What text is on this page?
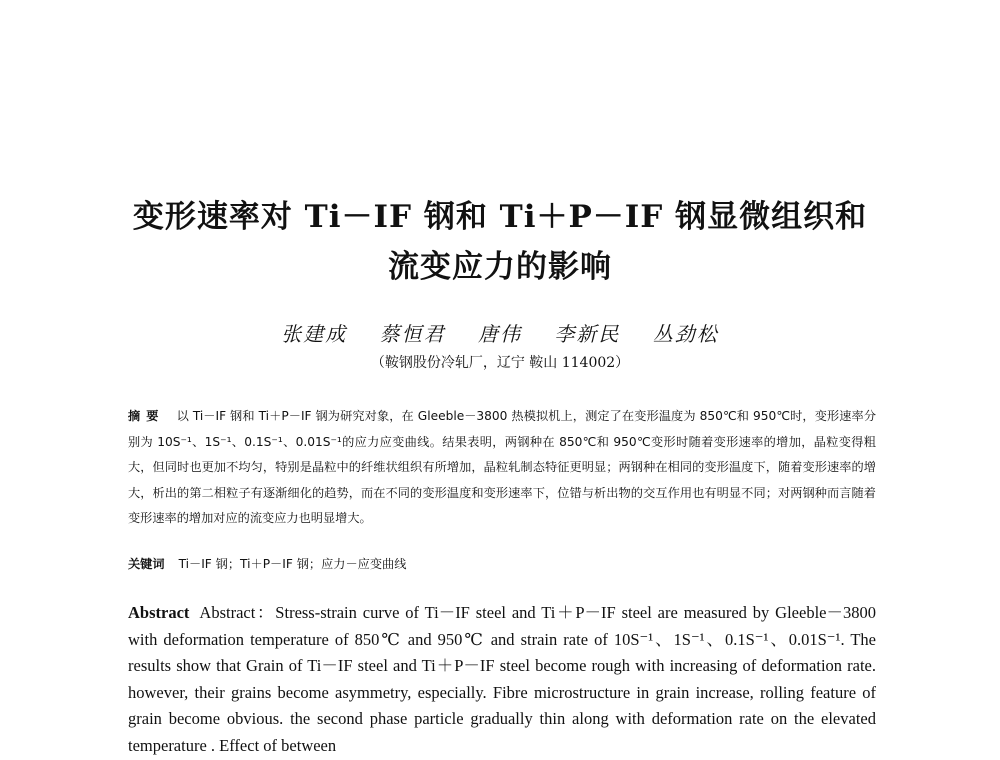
变形速率对 Ti－IF 钢和 Ti＋P－IF 钢显微组织和
流变应力的影响
张建成 蔡恒君 唐伟 李新民 丛劲松
（鞍钢股份冷轧厂，辽宁 鞍山 114002）

摘要 以 Ti－IF 钢和 Ti＋P－IF 钢为研究对象，在 Gleeble－3800 热模拟机上，测定了在变形温度为 850℃和 950℃时，变形速率分别为 10S⁻¹、1S⁻¹、0.1S⁻¹、0.01S⁻¹的应力应变曲线。结果表明，两钢种在 850℃和 950℃变形时随着变形速率的增加，晶粒变得粗大，但同时也更加不均匀，特别是晶粒中的纤维状组织有所增加，晶粒轧制态特征更明显；两钢种在相同的变形温度下，随着变形速率的增大，析出的第二相粒子有逐渐细化的趋势，而在不同的变形温度和变形速率下，位错与析出物的交互作用也有明显不同；对两钢种而言随着变形速率的增加对应的流变应力也明显增大。

关键词 Ti－IF 钢；Ti＋P－IF 钢；应力－应变曲线

Abstract Abstract：Stress-strain curve of Ti－IF steel and Ti＋P－IF steel are measured by Gleeble－3800 with deformation temperature of 850℃ and 950℃ and strain rate of 10S⁻¹、1S⁻¹、0.1S⁻¹、0.01S⁻¹. The results show that Grain of Ti－IF steel and Ti＋P－IF steel become rough with increasing of deformation rate. however, their grains become asymmetry, especially. Fibre microstructure in grain increase, rolling feature of grain become obvious. the second phase particle gradually thin along with deformation rate on the elevated temperature . Effect of between
